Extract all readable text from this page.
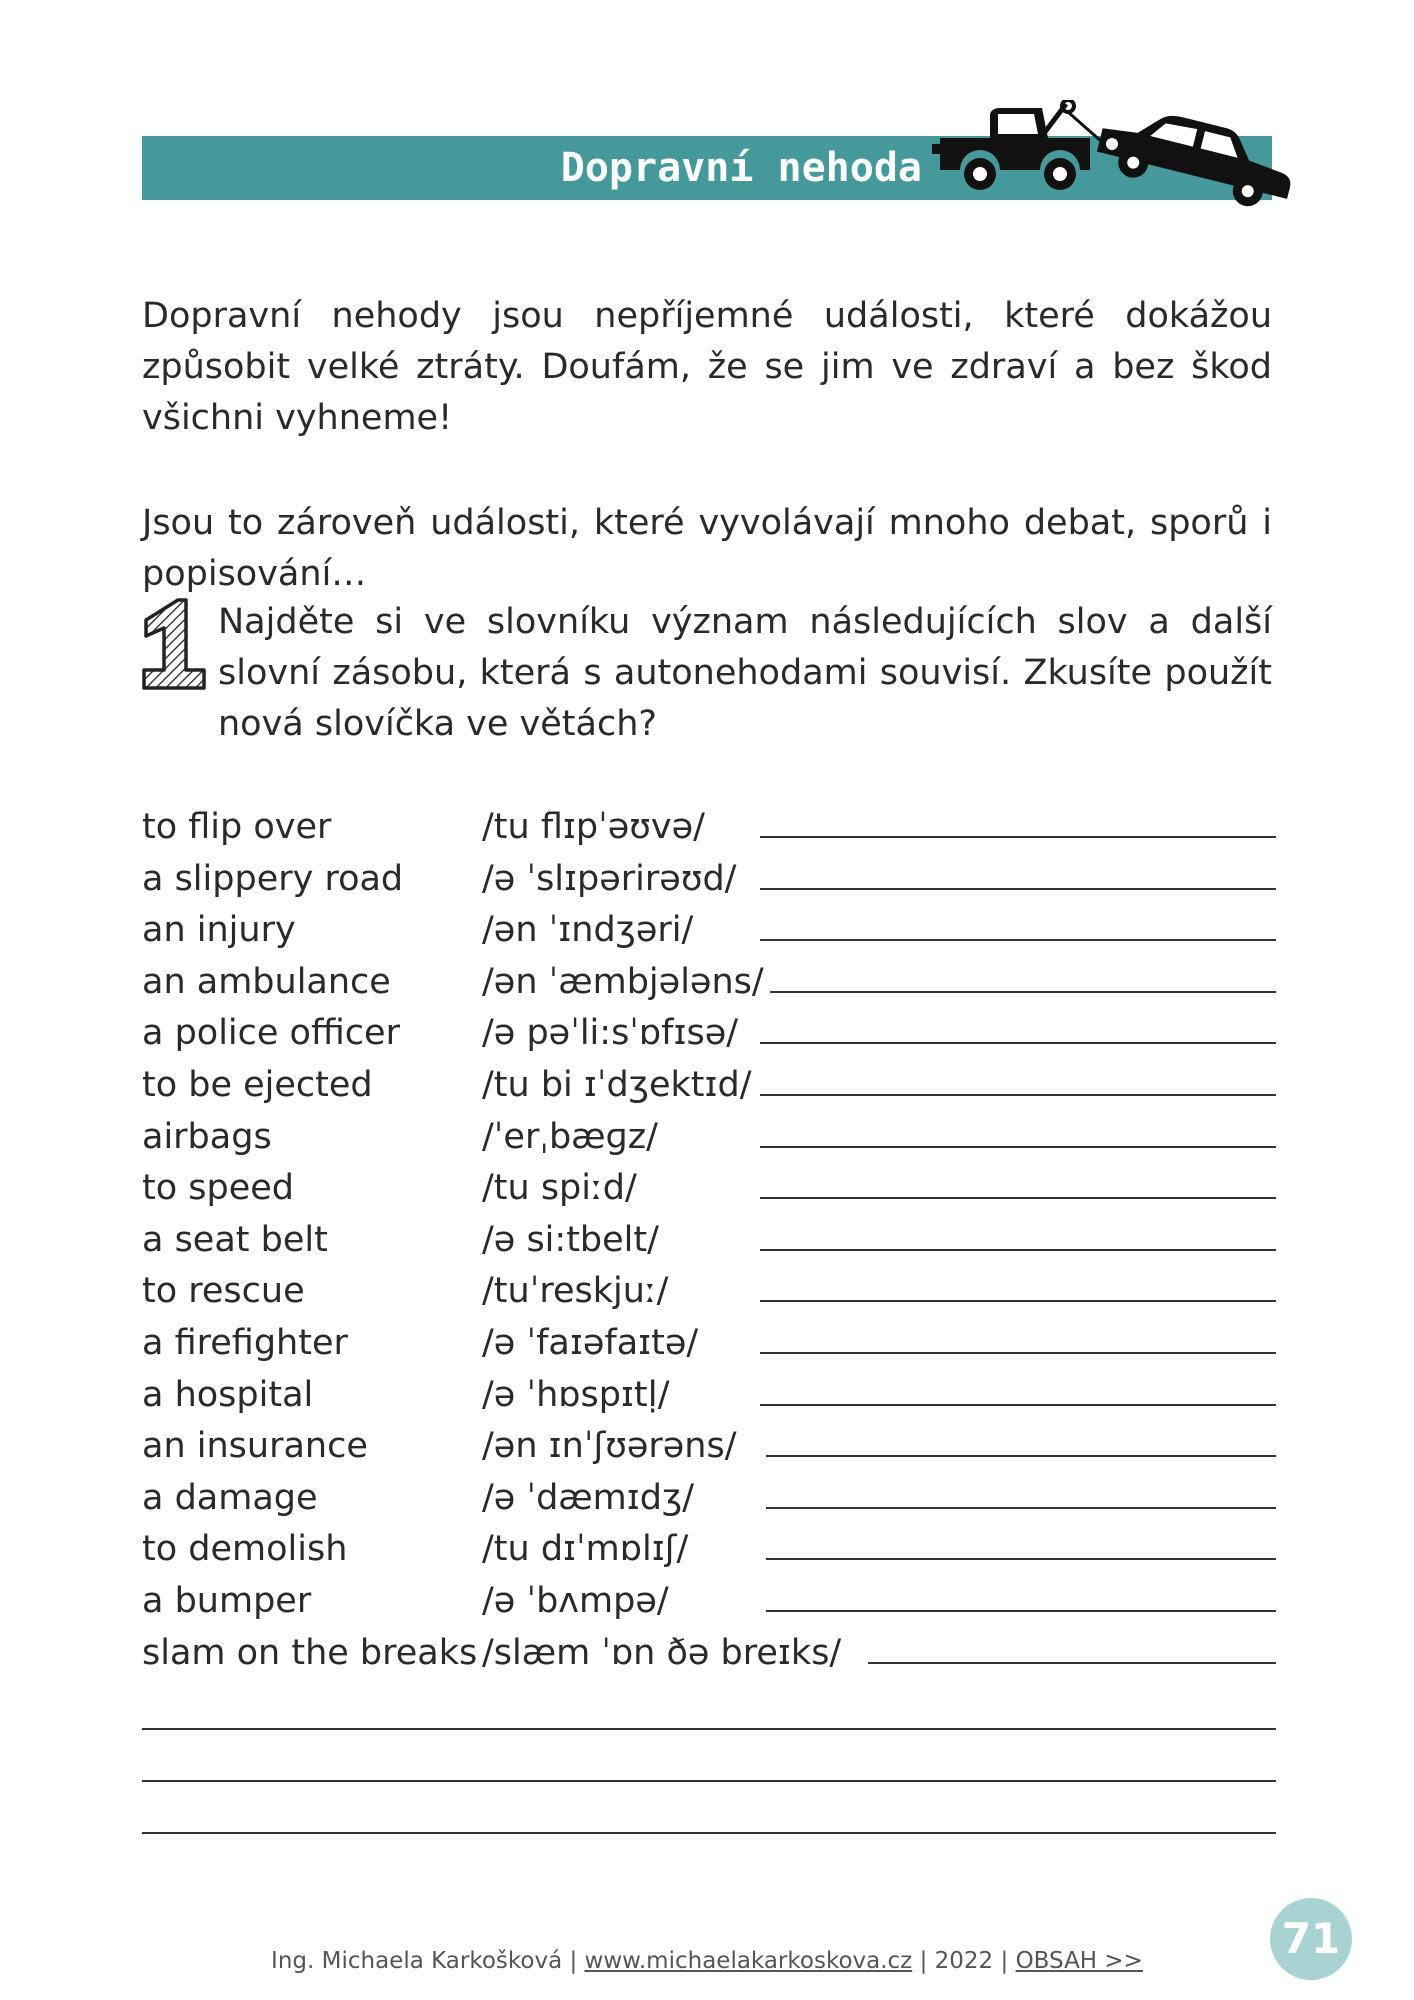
Dopravní nehoda

Dopravní nehody jsou nepříjemné události, které dokážou způsobit velké ztráty. Doufám, že se jim ve zdraví a bez škod všichni vyhneme!

Jsou to zároveň události, které vyvolávají mnoho debat, sporů i popisování…

1

Najděte si ve slovníku význam následujících slov a další slovní zásobu, která s autonehodami souvisí. Zkusíte použít nová slovíčka ve větách?

to flip over	/tu flɪpˈəʊvə/
a slippery road /ə ˈslɪpərirəʊd/
an injury	/ən ˈɪndʒəri/
an ambulance	/ən ˈæmbjələns/
a police officer /ə pəˈli:sˈɒfɪsə/
to be ejected	/tu bi ɪˈdʒektɪd/
airbags	/ˈerˌbæɡz/
to speed	/tu spiːd/
a seat belt	/ə si:tbelt/
to rescue	/tuˈreskjuː/
a firefighter	/ə ˈfaɪəfaɪtə/
a hospital	/ə ˈhɒspɪtḷ/
an insurance	/ən ɪnˈʃʊərəns/
a damage	/ə ˈdæmɪdʒ/
to demolish	/tu dɪˈmɒlɪʃ/
a bumper	/ə ˈbʌmpə/
slam on the breaks /slæm ˈɒn ðə breɪks/
Ing. Michaela Karkošková | www.michaelakarkoskova.cz | 2022 | OBSAH >>	71
